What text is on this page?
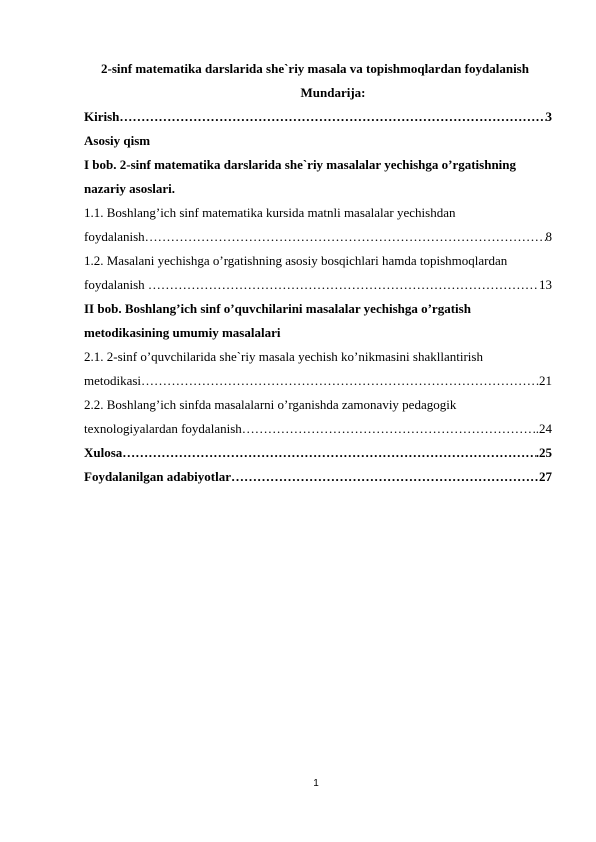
2-sinf matematika darslarida she`riy masala va topishmoqlardan foydalanish
Mundarija:
Kirish ……………………………………………………………………………………………………………………………………………………	3
Asosiy qism
I bob. 2-sinf matematika darslarida she`riy masalalar yechishga o’rgatishning
nazariy asoslari.
1.1. Boshlang’ich sinf matematika kursida matnli masalalar yechishdan
foydalanish ……………………………………………………………………………………………………………………………………………………	8
1.2. Masalani yechishga o’rgatishning asosiy bosqichlari hamda topishmoqlardan
foydalanish ……………………………………………………………………………………………………………………………………………………	13
II bob. Boshlang’ich sinf o’quvchilarini masalalar yechishga o’rgatish
metodikasining umumiy masalalari
2.1. 2-sinf o’quvchilarida she`riy masala yechish ko’nikmasini shakllantirish
metodikasi ……………………………………………………………………………………………………………………………………………………	21
2.2. Boshlang’ich sinfda masalalarni o’rganishda zamonaviy pedagogik
texnologiyalardan foydalanish ……………………………………………………………………………………………………………………………………………………	.24
Xulosa ……………………………………………………………………………………………………………………………………………………	.25
Foydalanilgan adabiyotlar ……………………………………………………………………………………………………………………………………………………	27
1
